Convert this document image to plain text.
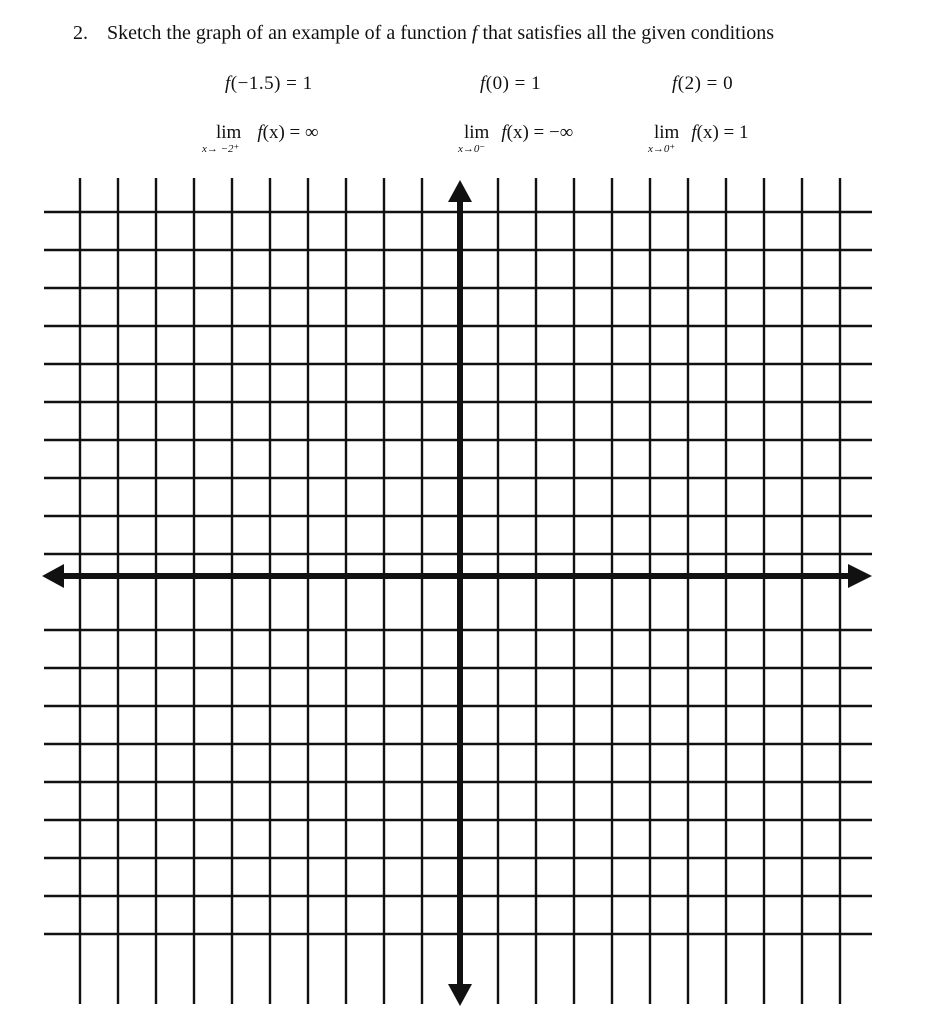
2. Sketch the graph of an example of a function f that satisfies all the given conditions
f(−1.5) = 1	f(0) = 1	f(2) = 0
lim f(x) = ∞
x→ −2⁺
lim f(x) = −∞
x→0⁻
lim f(x) = 1
x→0⁺
